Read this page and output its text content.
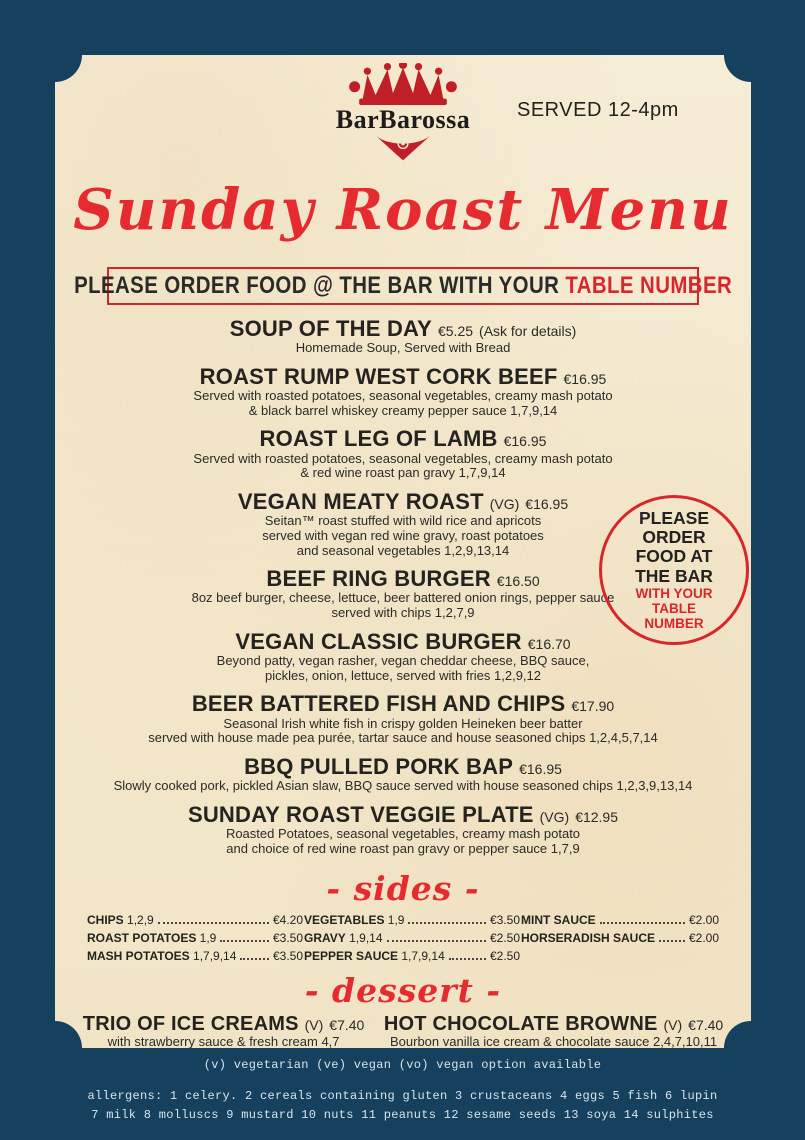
BarBarossa	SERVED 12-4pm
Sunday Roast Menu
PLEASE ORDER FOOD @ THE BAR WITH YOUR TABLE NUMBER
SOUP OF THE DAY €5.25 (Ask for details)
Homemade Soup, Served with Bread
ROAST RUMP WEST CORK BEEF €16.95
Served with roasted potatoes, seasonal vegetables, creamy mash potato
& black barrel whiskey creamy pepper sauce 1,7,9,14
ROAST LEG OF LAMB €16.95
Served with roasted potatoes, seasonal vegetables, creamy mash potato
& red wine roast pan gravy 1,7,9,14
VEGAN MEATY ROAST (VG) €16.95
Seitan™ roast stuffed with wild rice and apricots
served with vegan red wine gravy, roast potatoes
and seasonal vegetables 1,2,9,13,14
BEEF RING BURGER €16.50
8oz beef burger, cheese, lettuce, beer battered onion rings, pepper sauce
served with chips 1,2,7,9
VEGAN CLASSIC BURGER €16.70
Beyond patty, vegan rasher, vegan cheddar cheese, BBQ sauce,
pickles, onion, lettuce, served with fries 1,2,9,12
BEER BATTERED FISH AND CHIPS €17.90
Seasonal Irish white fish in crispy golden Heineken beer batter
served with house made pea purée, tartar sauce and house seasoned chips 1,2,4,5,7,14
BBQ PULLED PORK BAP €16.95
Slowly cooked pork, pickled Asian slaw, BBQ sauce served with house seasoned chips 1,2,3,9,13,14
SUNDAY ROAST VEGGIE PLATE (VG) €12.95
Roasted Potatoes, seasonal vegetables, creamy mash potato
and choice of red wine roast pan gravy or pepper sauce 1,7,9
- sides -
CHIPS 1,2,9	€4.20
ROAST POTATOES 1,9	€3.50
MASH POTATOES 1,7,9,14	€3.50
VEGETABLES 1,9	€3.50
GRAVY 1,9,14	€2.50
PEPPER SAUCE 1,7,9,14	€2.50
MINT SAUCE	€2.00
HORSERADISH SAUCE	€2.00
- dessert -
TRIO OF ICE CREAMS (V) €7.40
with strawberry sauce & fresh cream 4,7
HOT CHOCOLATE BROWNE (V) €7.40
Bourbon vanilla ice cream & chocolate sauce 2,4,7,10,11
PLEASE
ORDER
FOOD AT
THE BAR
WITH YOUR
TABLE
NUMBER
(v) vegetarian (ve) vegan (vo) vegan option available
allergens: 1 celery. 2 cereals containing gluten 3 crustaceans 4 eggs 5 fish 6 lupin
7 milk 8 molluscs 9 mustard 10 nuts 11 peanuts 12 sesame seeds 13 soya 14 sulphites
